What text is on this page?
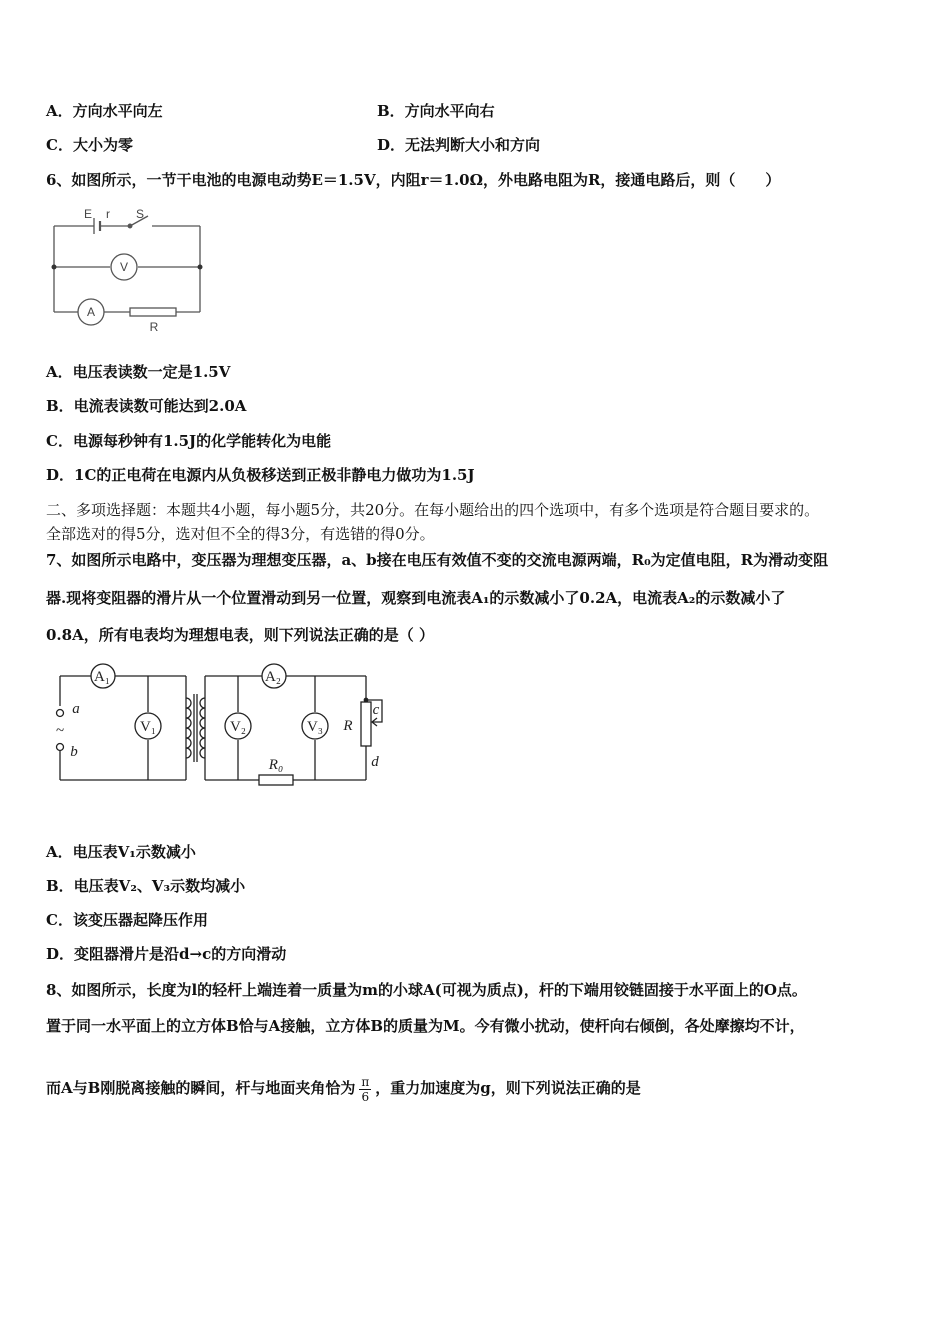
A．方向水平向左	B．方向水平向右
C．大小为零	D．无法判断大小和方向
6、如图所示，一节干电池的电源电动势E＝1.5V，内阻r＝1.0Ω，外电路电阻为R，接通电路后，则（　　）
E r S
V
A
R
A．电压表读数一定是1.5V
B．电流表读数可能达到2.0A
C．电源每秒钟有1.5J的化学能转化为电能
D．1C的正电荷在电源内从负极移送到正极非静电力做功为1.5J
二、多项选择题：本题共4小题，每小题5分，共20分。在每小题给出的四个选项中，有多个选项是符合题目要求的。
全部选对的得5分，选对但不全的得3分，有选错的得0分。
7、如图所示电路中，变压器为理想变压器，a、b接在电压有效值不变的交流电源两端，R₀为定值电阻，R为滑动变阻
器.现将变阻器的滑片从一个位置滑动到另一位置，观察到电流表A₁的示数减小了0.2A，电流表A₂的示数减小了
0.8A，所有电表均为理想电表，则下列说法正确的是（ ）
A₁	A₂
V₁	V₂	V₃
a
~
b
R
c
d
R₀
A．电压表V₁示数减小
B．电压表V₂、V₃示数均减小
C．该变压器起降压作用
D．变阻器滑片是沿d→c的方向滑动
8、如图所示，长度为l的轻杆上端连着一质量为m的小球A(可视为质点)，杆的下端用铰链固接于水平面上的O点。
置于同一水平面上的立方体B恰与A接触，立方体B的质量为M。今有微小扰动，使杆向右倾倒，各处摩擦均不计，
而A与B刚脱离接触的瞬间，杆与地面夹角恰为 $\frac{\pi}{6}$ ，重力加速度为g，则下列说法正确的是
